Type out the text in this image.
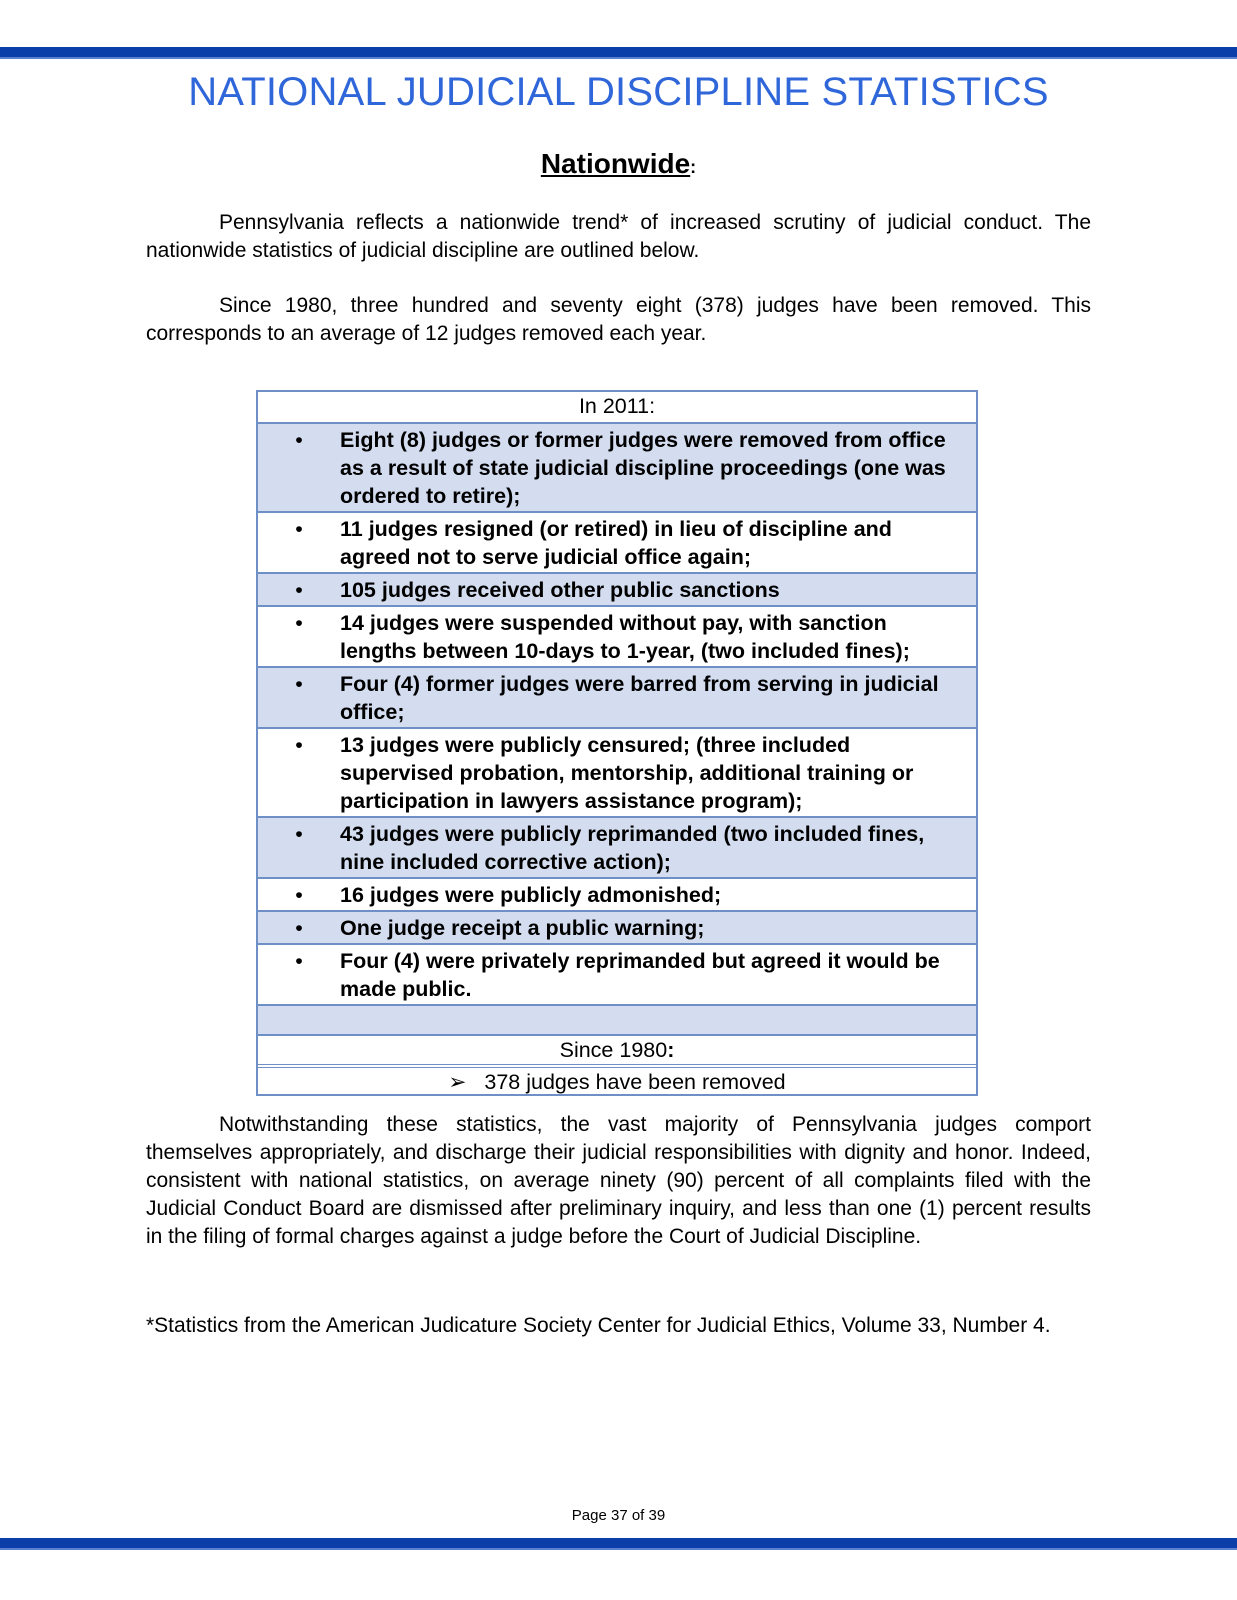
NATIONAL JUDICIAL DISCIPLINE STATISTICS
Nationwide:
Pennsylvania reflects a nationwide trend* of increased scrutiny of judicial conduct. The nationwide statistics of judicial discipline are outlined below.
Since 1980, three hundred and seventy eight (378) judges have been removed. This corresponds to an average of 12 judges removed each year.
In 2011:
•	Eight (8) judges or former judges were removed from office as a result of state judicial discipline proceedings (one was ordered to retire);
•	11 judges resigned (or retired) in lieu of discipline and agreed not to serve judicial office again;
•	105 judges received other public sanctions
•	14 judges were suspended without pay, with sanction lengths between 10-days to 1-year, (two included fines);
•	Four (4) former judges were barred from serving in judicial office;
•	13 judges were publicly censured; (three included supervised probation, mentorship, additional training or participation in lawyers assistance program);
•	43 judges were publicly reprimanded (two included fines, nine included corrective action);
•	16 judges were publicly admonished;
•	One judge receipt a public warning;
•	Four (4) were privately reprimanded but agreed it would be made public.
Since 1980:
➢ 378 judges have been removed
Notwithstanding these statistics, the vast majority of Pennsylvania judges comport themselves appropriately, and discharge their judicial responsibilities with dignity and honor. Indeed, consistent with national statistics, on average ninety (90) percent of all complaints filed with the Judicial Conduct Board are dismissed after preliminary inquiry, and less than one (1) percent results in the filing of formal charges against a judge before the Court of Judicial Discipline.
*Statistics from the American Judicature Society Center for Judicial Ethics, Volume 33, Number 4.
Page 37 of 39
